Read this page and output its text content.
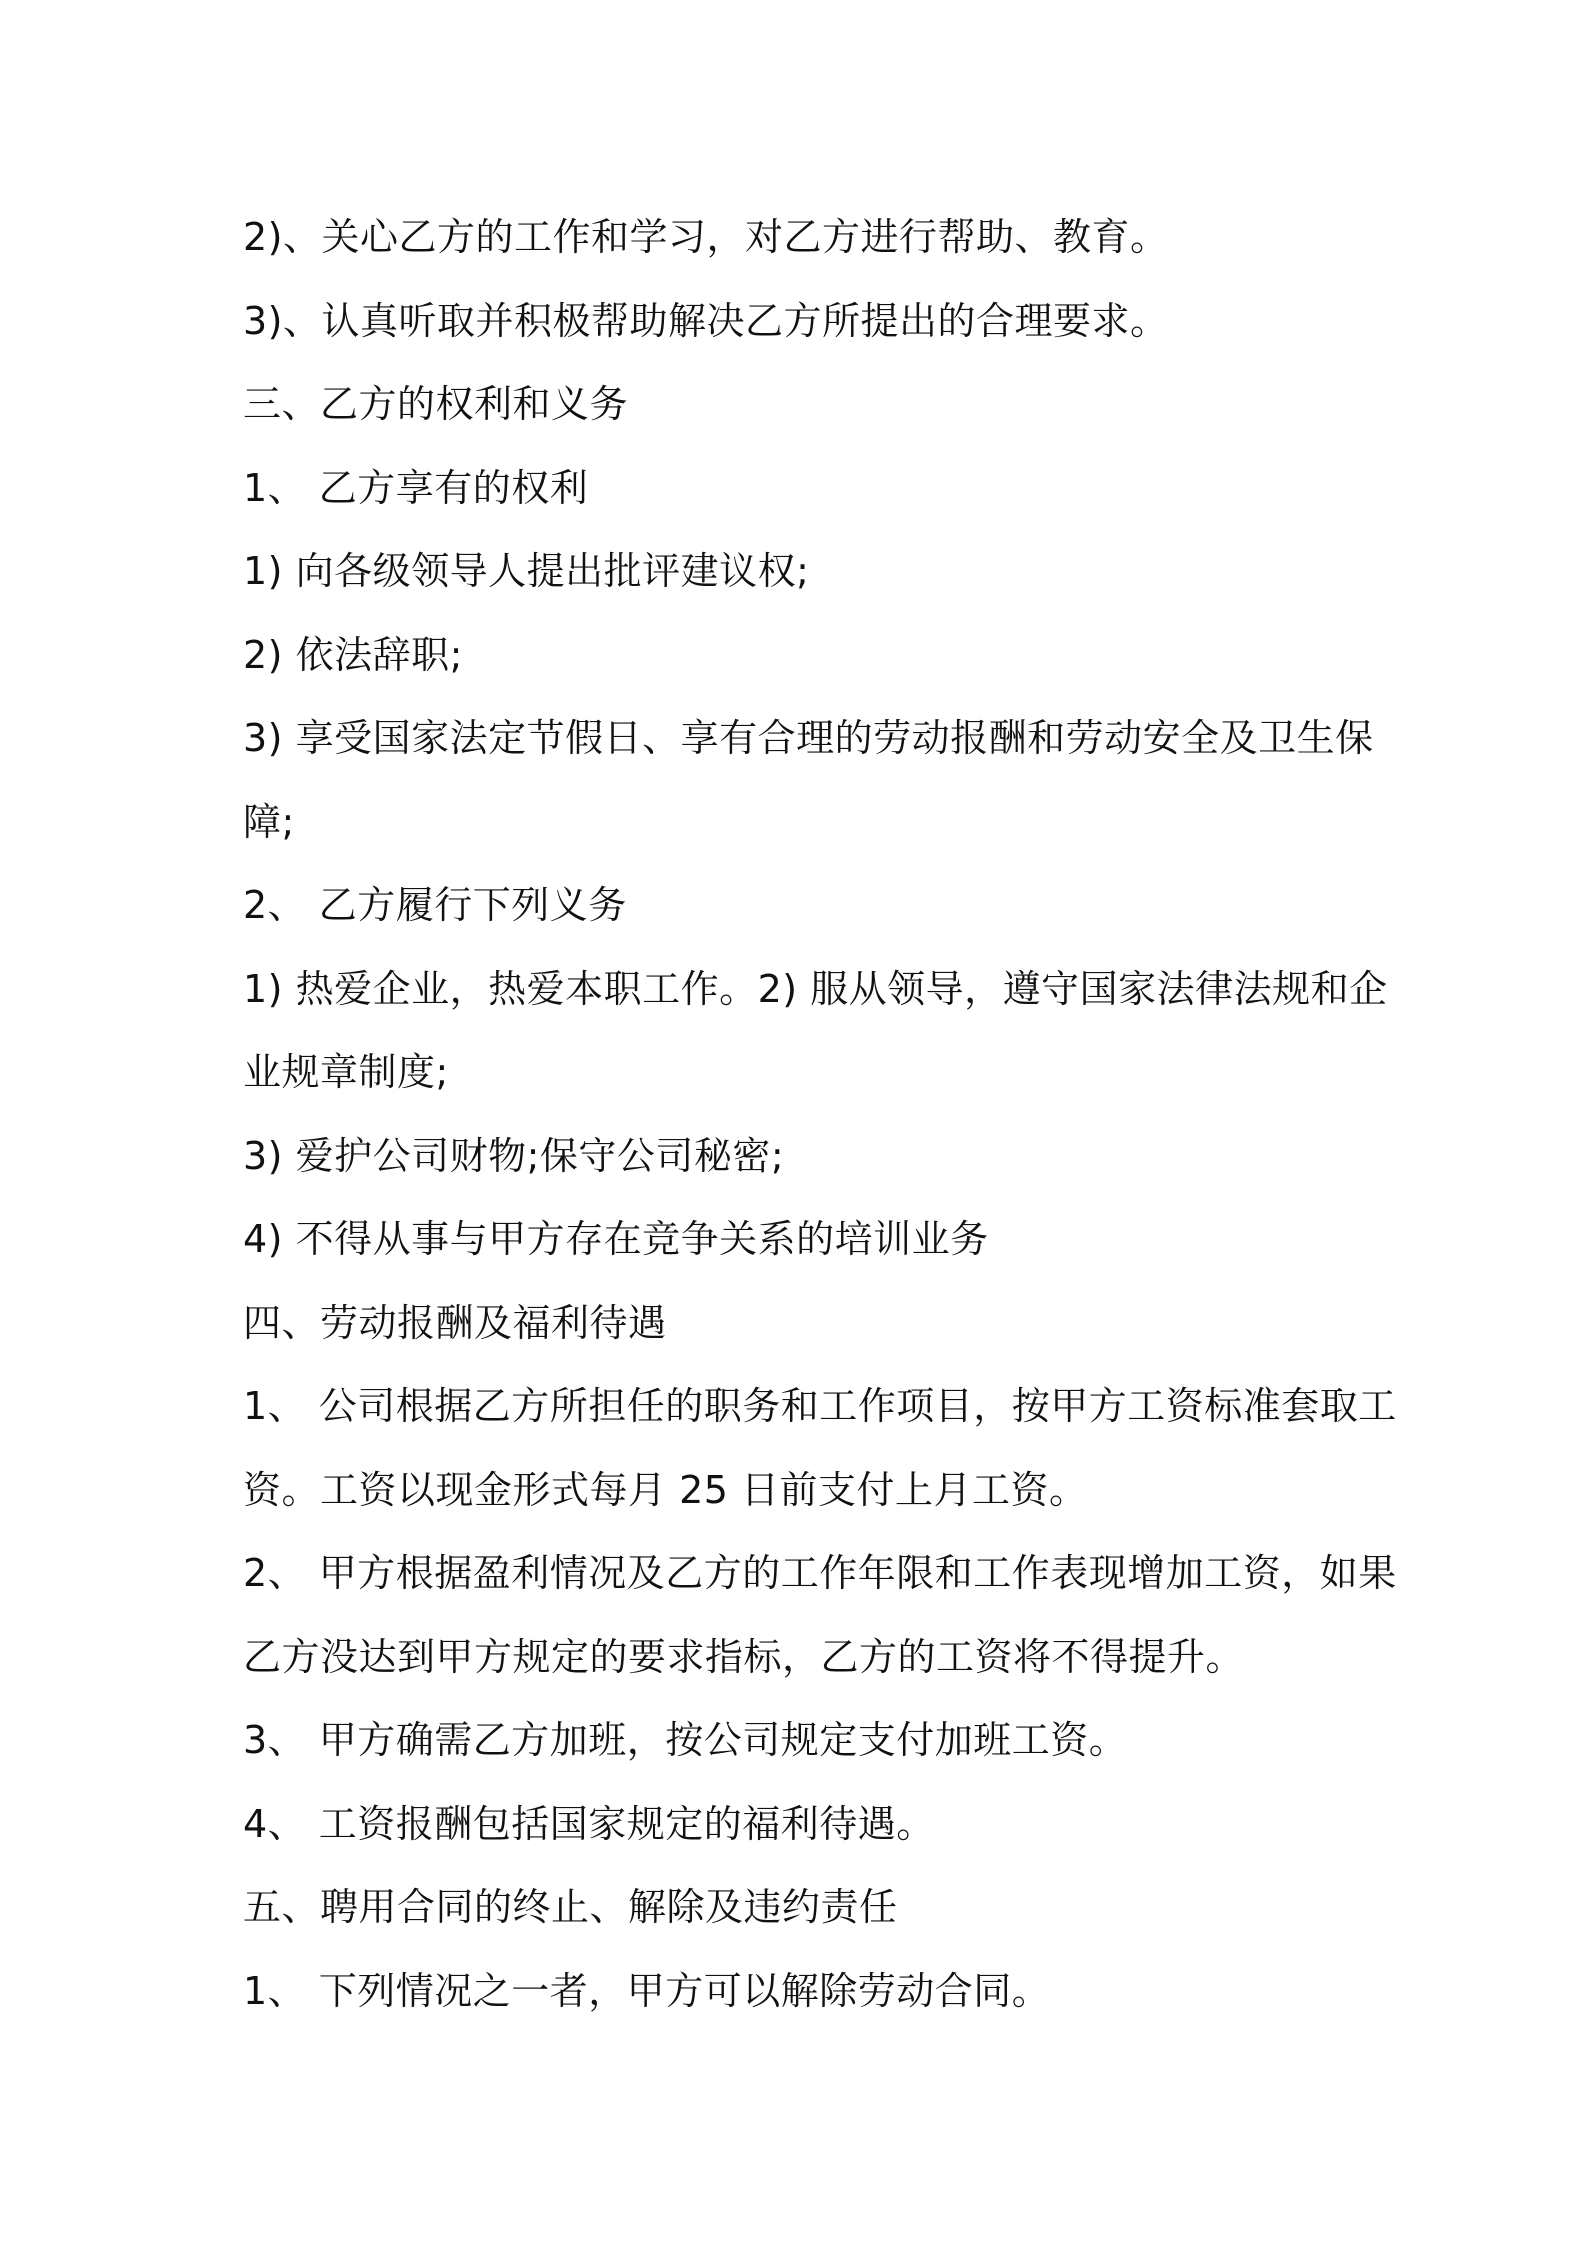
2)、关心乙方的工作和学习，对乙方进行帮助、教育。
3)、认真听取并积极帮助解决乙方所提出的合理要求。
三、乙方的权利和义务
1、 乙方享有的权利
1) 向各级领导人提出批评建议权;
2) 依法辞职;
3) 享受国家法定节假日、享有合理的劳动报酬和劳动安全及卫生保
障;
2、 乙方履行下列义务
1) 热爱企业，热爱本职工作。2) 服从领导，遵守国家法律法规和企
业规章制度;
3) 爱护公司财物;保守公司秘密;
4) 不得从事与甲方存在竞争关系的培训业务
四、劳动报酬及福利待遇
1、 公司根据乙方所担任的职务和工作项目，按甲方工资标准套取工
资。工资以现金形式每月 25 日前支付上月工资。
2、 甲方根据盈利情况及乙方的工作年限和工作表现增加工资，如果
乙方没达到甲方规定的要求指标，乙方的工资将不得提升。
3、 甲方确需乙方加班，按公司规定支付加班工资。
4、 工资报酬包括国家规定的福利待遇。
五、聘用合同的终止、解除及违约责任
1、 下列情况之一者，甲方可以解除劳动合同。
